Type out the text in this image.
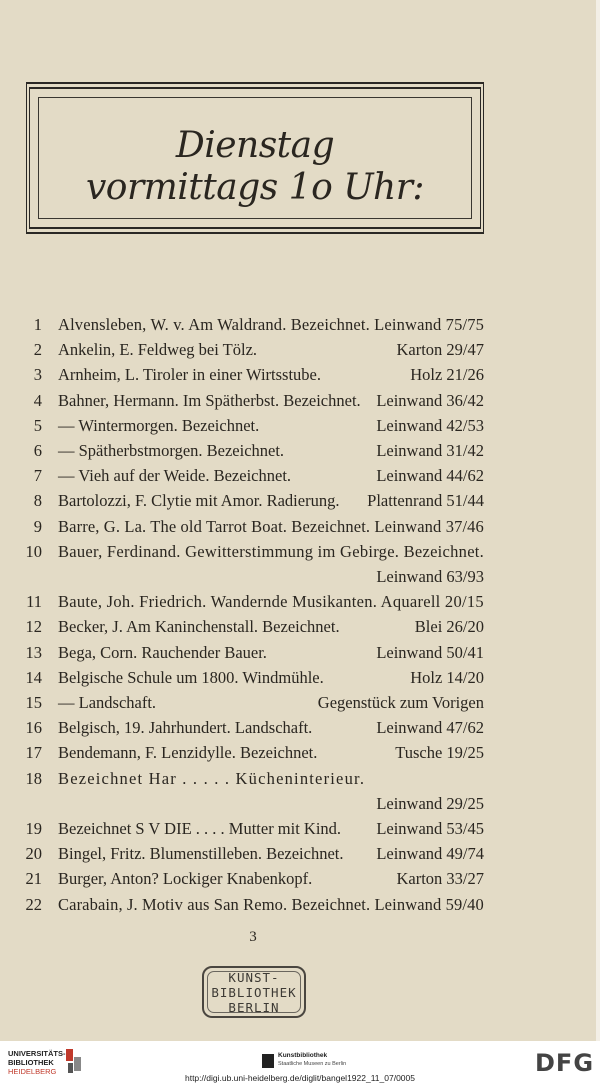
Dienstag
vormittags 1o Uhr:
1 Alvensleben, W. v. Am Waldrand. Bezeichnet. Leinwand 75/75
2 Ankelin, E. Feldweg bei Tölz.	Karton 29/47
3 Arnheim, L. Tiroler in einer Wirtsstube.	Holz 21/26
4 Bahner, Hermann. Im Spätherbst. Bezeichnet. Leinwand 36/42
5 — Wintermorgen. Bezeichnet.	Leinwand 42/53
6 — Spätherbstmorgen. Bezeichnet.	Leinwand 31/42
7 — Vieh auf der Weide. Bezeichnet.	Leinwand 44/62
8 Bartolozzi, F. Clytie mit Amor. Radierung. Plattenrand 51/44
9 Barre, G. La. The old Tarrot Boat. Bezeichnet. Leinwand 37/46
10 Bauer, Ferdinand. Gewitterstimmung im Gebirge. Bezeichnet.
Leinwand 63/93
11 Baute, Joh. Friedrich. Wandernde Musikanten. Aquarell 20/15
12 Becker, J. Am Kaninchenstall. Bezeichnet.	Blei 26/20
13 Bega, Corn. Rauchender Bauer.	Leinwand 50/41
14 Belgische Schule um 1800. Windmühle.	Holz 14/20
15 — Landschaft.	Gegenstück zum Vorigen
16 Belgisch, 19. Jahrhundert. Landschaft.	Leinwand 47/62
17 Bendemann, F. Lenzidylle. Bezeichnet.	Tusche 19/25
18 Bezeichnet Har . . . . . Kücheninterieur.
Leinwand 29/25
19 Bezeichnet S V DIE . . . . Mutter mit Kind. Leinwand 53/45
20 Bingel, Fritz. Blumenstilleben. Bezeichnet. Leinwand 49/74
21 Burger, Anton? Lockiger Knabenkopf.	Karton 33/27
22 Carabain, J. Motiv aus San Remo. Bezeichnet. Leinwand 59/40
3
KUNST-
BIBLIOTHEK
BERLIN
UNIVERSITÄTS-
BIBLIOTHEK
HEIDELBERG
Kunstbibliothek
Staatliche Museen zu Berlin	DFG
http://digi.ub.uni-heidelberg.de/diglit/bangel1922_11_07/0005
